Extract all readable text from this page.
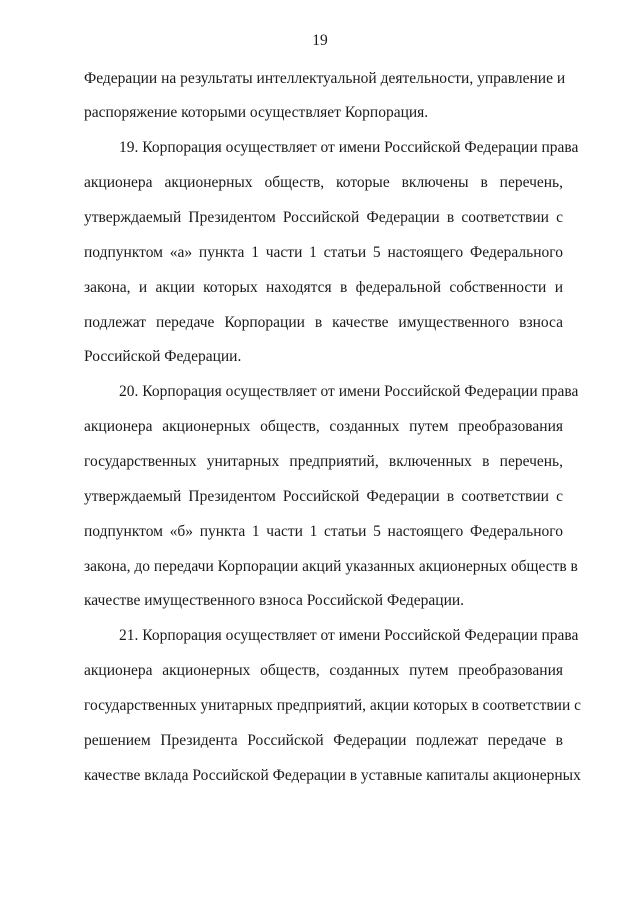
19
Федерации на результаты интеллектуальной деятельности, управление и
распоряжение которыми осуществляет Корпорация.
19. Корпорация осуществляет от имени Российской Федерации права
акционера акционерных обществ, которые включены в перечень,
утверждаемый Президентом Российской Федерации в соответствии с
подпунктом «а» пункта 1 части 1 статьи 5 настоящего Федерального
закона, и акции которых находятся в федеральной собственности и
подлежат передаче Корпорации в качестве имущественного взноса
Российской Федерации.
20. Корпорация осуществляет от имени Российской Федерации права
акционера акционерных обществ, созданных путем преобразования
государственных унитарных предприятий, включенных в перечень,
утверждаемый Президентом Российской Федерации в соответствии с
подпунктом «б» пункта 1 части 1 статьи 5 настоящего Федерального
закона, до передачи Корпорации акций указанных акционерных обществ в
качестве имущественного взноса Российской Федерации.
21. Корпорация осуществляет от имени Российской Федерации права
акционера акционерных обществ, созданных путем преобразования
государственных унитарных предприятий, акции которых в соответствии с
решением Президента Российской Федерации подлежат передаче в
качестве вклада Российской Федерации в уставные капиталы акционерных
